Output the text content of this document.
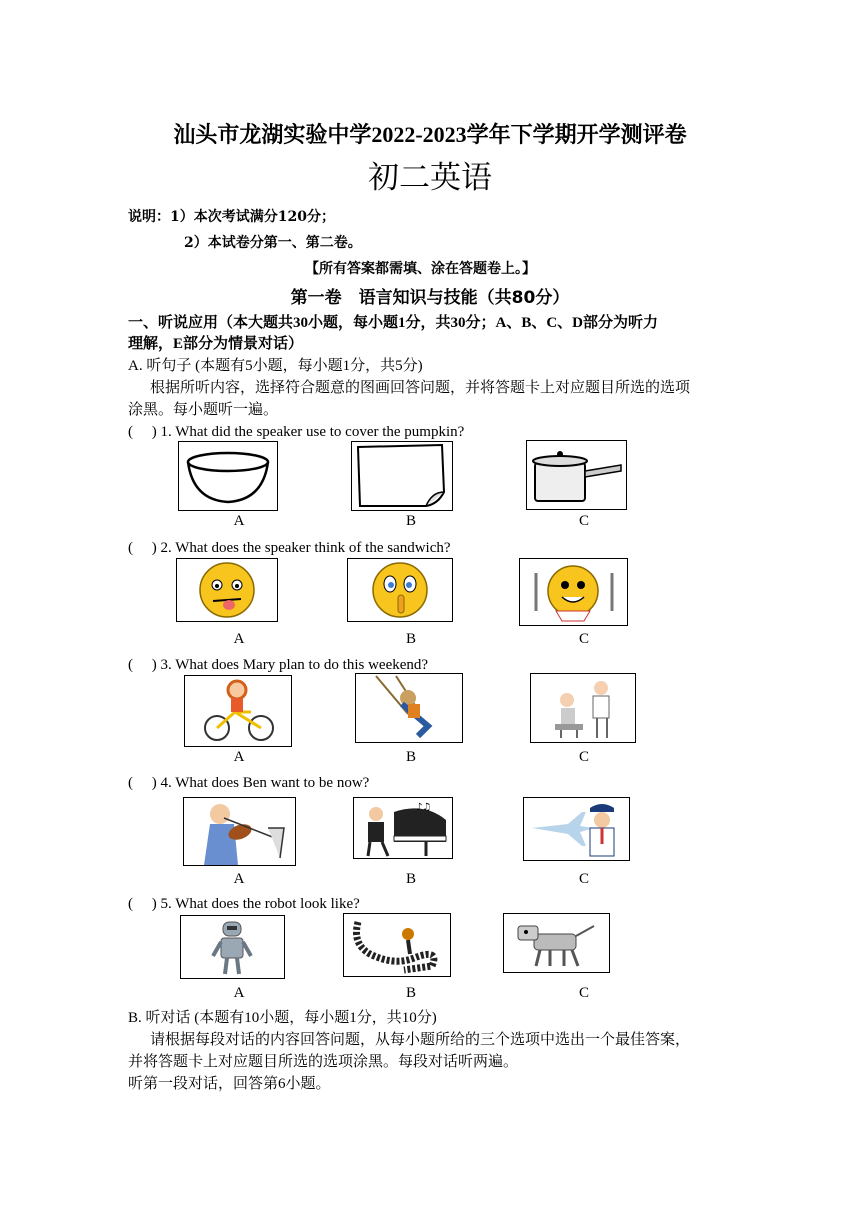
汕头市龙湖实验中学2022-2023学年下学期开学测评卷
初二英语
说明：1）本次考试满分120分；
2）本试卷分第一、第二卷。
【所有答案都需填、涂在答题卷上。】
第一卷　语言知识与技能（共80分）
一、听说应用（本大题共30小题，每小题1分，共30分；A、B、C、D部分为听力
理解，E部分为情景对话）
A. 听句子 (本题有5小题，每小题1分，共5分)
根据所听内容，选择符合题意的图画回答问题，并将答题卡上对应题目所选的选项
涂黑。每小题听一遍。
(　 ) 1. What did the speaker use to cover the pumpkin?
A	B	C
(　 ) 2. What does the speaker think of the sandwich?
A	B	C
(　 ) 3. What does Mary plan to do this weekend?
A	B	C
(　 ) 4. What does Ben want to be now?
♪♫
A	B	C
(　 ) 5. What does the robot look like?
A	B	C
B. 听对话 (本题有10小题，每小题1分，共10分)
请根据每段对话的内容回答问题，从每小题所给的三个选项中选出一个最佳答案，
并将答题卡上对应题目所选的选项涂黑。每段对话听两遍。
听第一段对话，回答第6小题。
